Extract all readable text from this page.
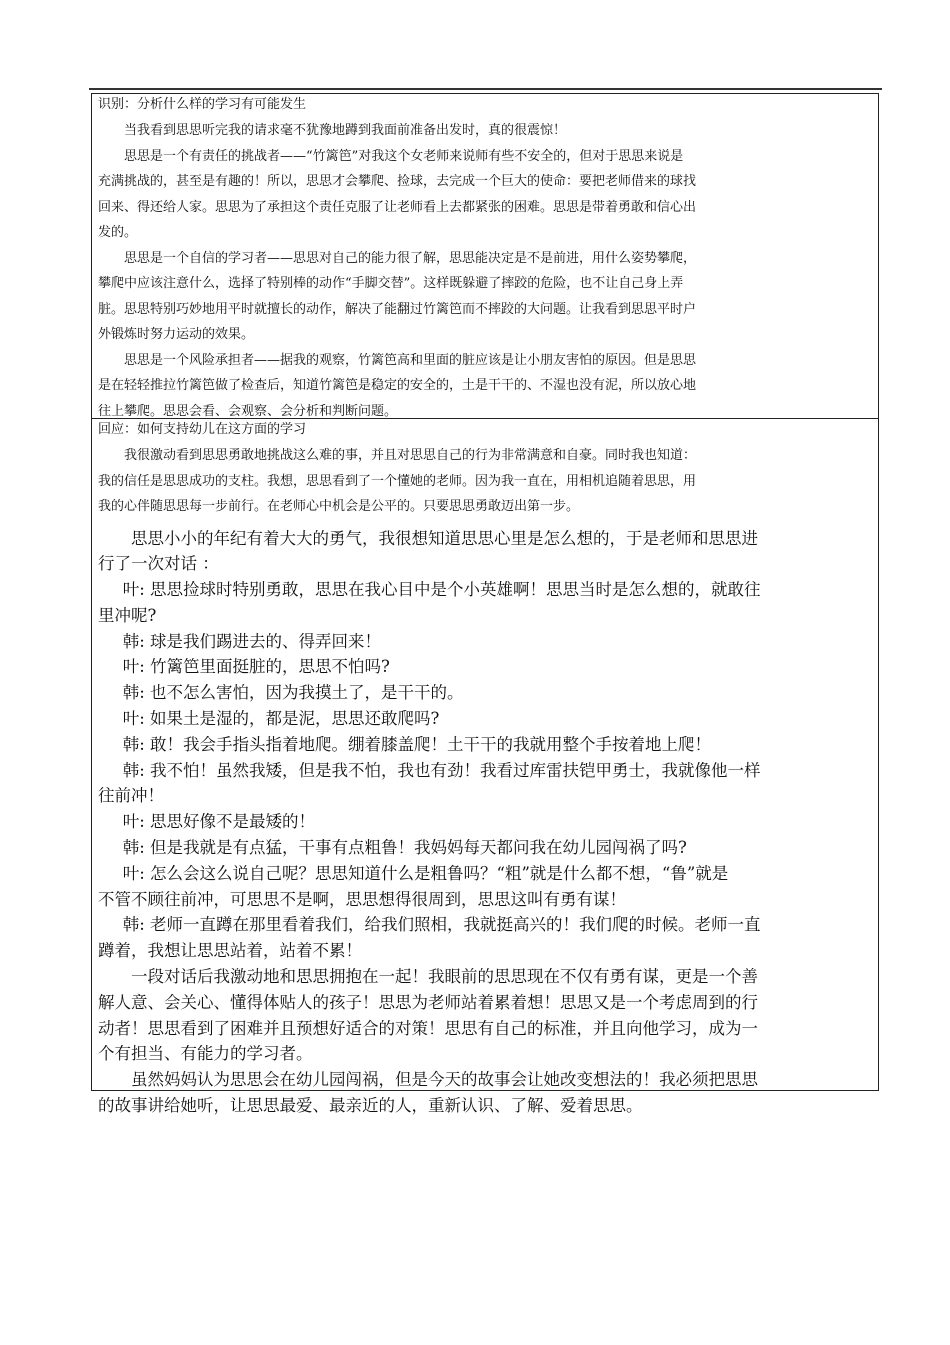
识别：分析什么样的学习有可能发生

当我看到思思听完我的请求毫不犹豫地蹲到我面前准备出发时，真的很震惊！

思思是一个有责任的挑战者——“竹篱笆”对我这个女老师来说师有些不安全的，但对于思思来说是

充满挑战的，甚至是有趣的！所以，思思才会攀爬、捡球，去完成一个巨大的使命：要把老师借来的球找

回来、得还给人家。思思为了承担这个责任克服了让老师看上去都紧张的困难。思思是带着勇敢和信心出

发的。

思思是一个自信的学习者——思思对自己的能力很了解，思思能决定是不是前进，用什么姿势攀爬，

攀爬中应该注意什么，选择了特别棒的动作“手脚交替”。这样既躲避了摔跤的危险，也不让自己身上弄

脏。思思特别巧妙地用平时就擅长的动作，解决了能翻过竹篱笆而不摔跤的大问题。让我看到思思平时户

外锻炼时努力运动的效果。

思思是一个风险承担者——据我的观察，竹篱笆高和里面的脏应该是让小朋友害怕的原因。但是思思

是在轻轻推拉竹篱笆做了检查后，知道竹篱笆是稳定的安全的，土是干干的、不湿也没有泥，所以放心地

往上攀爬。思思会看、会观察、会分析和判断问题。

回应：如何支持幼儿在这方面的学习

我很激动看到思思勇敢地挑战这么难的事，并且对思思自己的行为非常满意和自豪。同时我也知道：

我的信任是思思成功的支柱。我想，思思看到了一个懂她的老师。因为我一直在，用相机追随着思思，用

我的心伴随思思每一步前行。在老师心中机会是公平的。只要思思勇敢迈出第一步。

思思小小的年纪有着大大的勇气，我很想知道思思心里是怎么想的，于是老师和思思进

行了一次对话 ：

叶: 思思捡球时特别勇敢，思思在我心目中是个小英雄啊！思思当时是怎么想的，就敢往

里冲呢?

韩: 球是我们踢进去的、得弄回来！

叶: 竹篱笆里面挺脏的，思思不怕吗?

韩: 也不怎么害怕，因为我摸土了，是干干的。

叶: 如果土是湿的，都是泥，思思还敢爬吗?

韩: 敢！我会手指头指着地爬。绷着膝盖爬！土干干的我就用整个手按着地上爬！

韩: 我不怕！虽然我矮，但是我不怕，我也有劲！我看过库雷扶铠甲勇士，我就像他一样

往前冲！

叶: 思思好像不是最矮的！

韩: 但是我就是有点猛，干事有点粗鲁！我妈妈每天都问我在幼儿园闯祸了吗?

叶: 怎么会这么说自己呢？思思知道什么是粗鲁吗？“粗”就是什么都不想，“鲁”就是

不管不顾往前冲，可思思不是啊，思思想得很周到，思思这叫有勇有谋！

韩: 老师一直蹲在那里看着我们，给我们照相，我就挺高兴的！我们爬的时候。老师一直

蹲着，我想让思思站着，站着不累！

一段对话后我激动地和思思拥抱在一起！我眼前的思思现在不仅有勇有谋，更是一个善

解人意、会关心、懂得体贴人的孩子！思思为老师站着累着想！思思又是一个考虑周到的行

动者！思思看到了困难并且预想好适合的对策！思思有自己的标准，并且向他学习，成为一

个有担当、有能力的学习者。

虽然妈妈认为思思会在幼儿园闯祸，但是今天的故事会让她改变想法的！我必须把思思

的故事讲给她听，让思思最爱、最亲近的人，重新认识、了解、爱着思思。
